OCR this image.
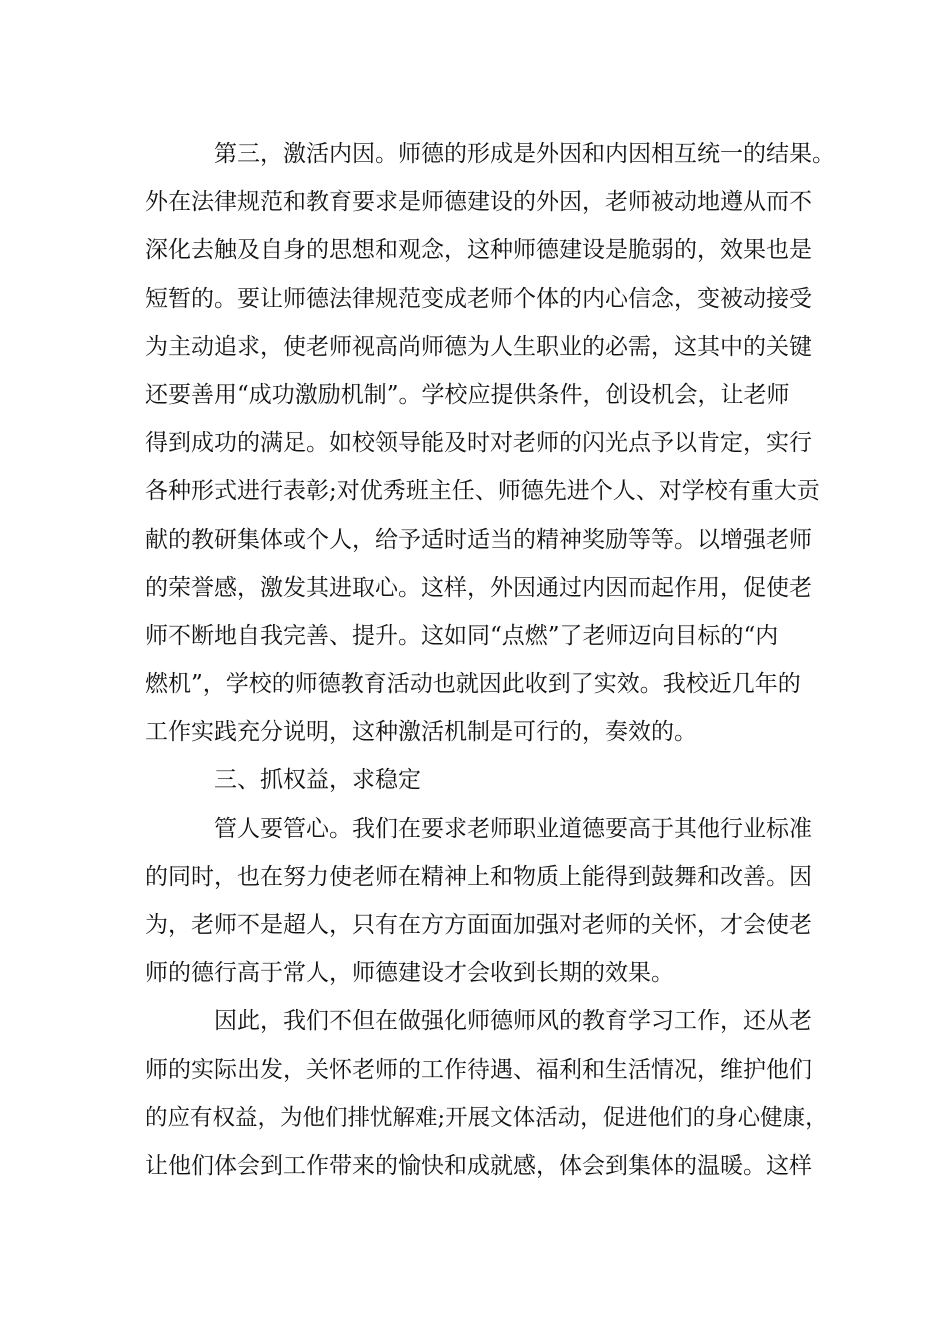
第三，激活内因。师德的形成是外因和内因相互统一的结果。
外在法律规范和教育要求是师德建设的外因，老师被动地遵从而不
深化去触及自身的思想和观念，这种师德建设是脆弱的，效果也是
短暂的。要让师德法律规范变成老师个体的内心信念，变被动接受
为主动追求，使老师视高尚师德为人生职业的必需，这其中的关键
还要善用“成功激励机制”。学校应提供条件，创设机会，让老师
得到成功的满足。如校领导能及时对老师的闪光点予以肯定，实行
各种形式进行表彰;对优秀班主任、师德先进个人、对学校有重大贡
献的教研集体或个人，给予适时适当的精神奖励等等。以增强老师
的荣誉感，激发其进取心。这样，外因通过内因而起作用，促使老
师不断地自我完善、提升。这如同“点燃”了老师迈向目标的“内
燃机”，学校的师德教育活动也就因此收到了实效。我校近几年的
工作实践充分说明，这种激活机制是可行的，奏效的。
三、抓权益，求稳定
管人要管心。我们在要求老师职业道德要高于其他行业标准
的同时，也在努力使老师在精神上和物质上能得到鼓舞和改善。因
为，老师不是超人，只有在方方面面加强对老师的关怀，才会使老
师的德行高于常人，师德建设才会收到长期的效果。
因此，我们不但在做强化师德师风的教育学习工作，还从老
师的实际出发，关怀老师的工作待遇、福利和生活情况，维护他们
的应有权益，为他们排忧解难;开展文体活动，促进他们的身心健康，
让他们体会到工作带来的愉快和成就感，体会到集体的温暖。这样
